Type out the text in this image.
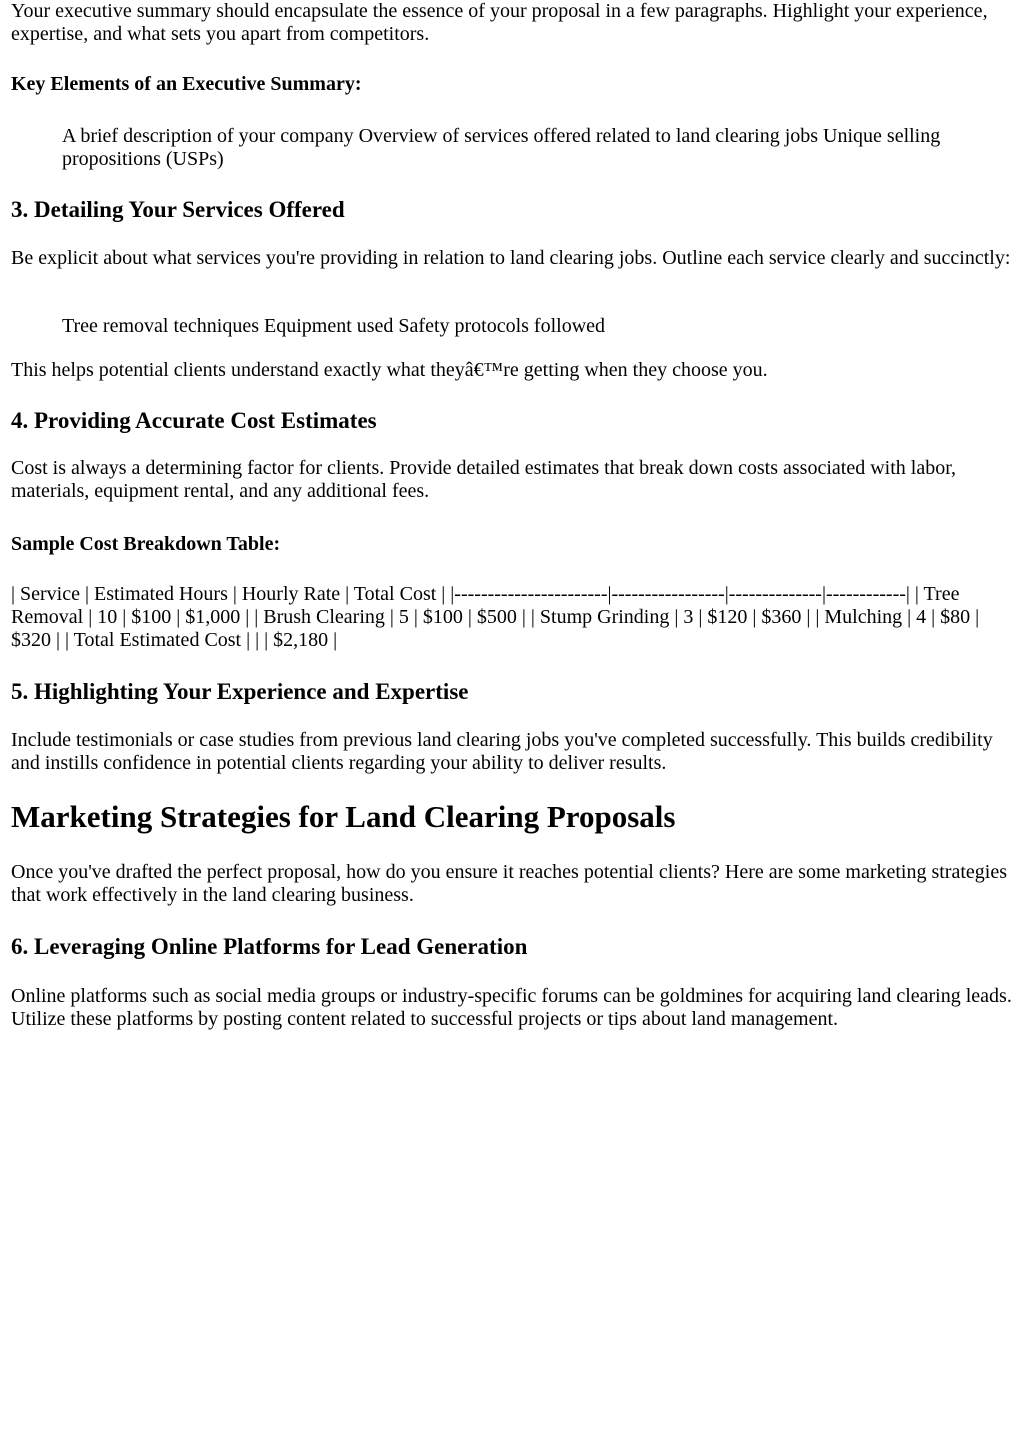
Your executive summary should encapsulate the essence of your proposal in a few paragraphs. Highlight your experience, expertise, and what sets you apart from competitors.

Key Elements of an Executive Summary:
A brief description of your company Overview of services offered related to land clearing jobs Unique selling propositions (USPs)
3. Detailing Your Services Offered

Be explicit about what services you're providing in relation to land clearing jobs. Outline each service clearly and succinctly:

Tree removal techniques Equipment used Safety protocols followed

This helps potential clients understand exactly what theyâ€™re getting when they choose you.

4. Providing Accurate Cost Estimates

Cost is always a determining factor for clients. Provide detailed estimates that break down costs associated with labor, materials, equipment rental, and any additional fees.

Sample Cost Breakdown Table:

| Service | Estimated Hours | Hourly Rate | Total Cost | |-----------------------|-----------------|--------------|------------| | Tree Removal | 10 | $100 | $1,000 | | Brush Clearing | 5 | $100 | $500 | | Stump Grinding | 3 | $120 | $360 | | Mulching | 4 | $80 | $320 | | Total Estimated Cost | | | $2,180 |

5. Highlighting Your Experience and Expertise

Include testimonials or case studies from previous land clearing jobs you've completed successfully. This builds credibility and instills confidence in potential clients regarding your ability to deliver results.

Marketing Strategies for Land Clearing Proposals

Once you've drafted the perfect proposal, how do you ensure it reaches potential clients? Here are some marketing strategies that work effectively in the land clearing business.

6. Leveraging Online Platforms for Lead Generation

Online platforms such as social media groups or industry-specific forums can be goldmines for acquiring land clearing leads. Utilize these platforms by posting content related to successful projects or tips about land management.
